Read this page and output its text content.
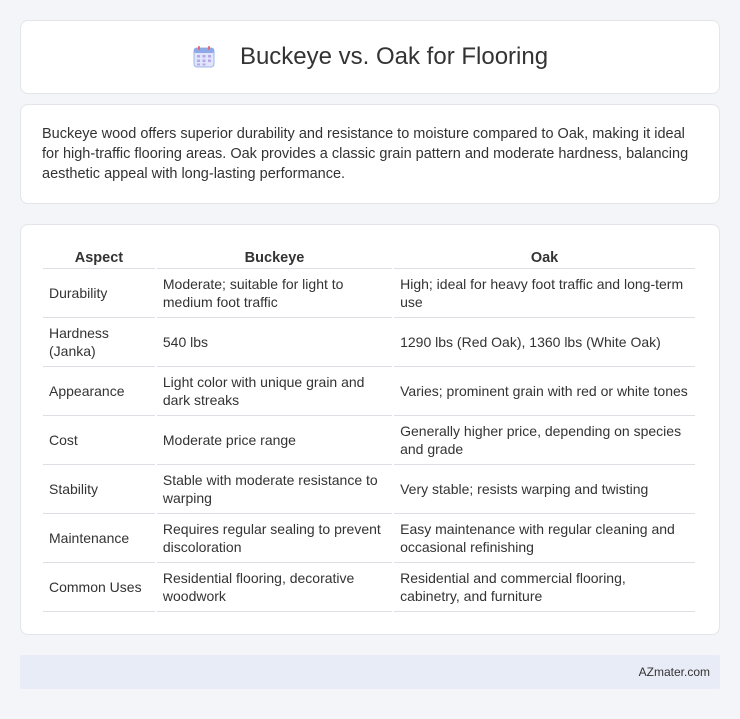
Buckeye vs. Oak for Flooring

Buckeye wood offers superior durability and resistance to moisture compared to Oak, making it ideal for high-traffic flooring areas. Oak provides a classic grain pattern and moderate hardness, balancing aesthetic appeal with long-lasting performance.

Aspect	Buckeye	Oak
Durability	Moderate; suitable for light to medium foot traffic	High; ideal for heavy foot traffic and long-term use
Hardness (Janka)	540 lbs	1290 lbs (Red Oak), 1360 lbs (White Oak)
Appearance	Light color with unique grain and dark streaks	Varies; prominent grain with red or white tones
Cost	Moderate price range	Generally higher price, depending on species and grade
Stability	Stable with moderate resistance to warping	Very stable; resists warping and twisting
Maintenance	Requires regular sealing to prevent discoloration	Easy maintenance with regular cleaning and occasional refinishing
Common Uses	Residential flooring, decorative woodwork	Residential and commercial flooring, cabinetry, and furniture
AZmater.com
